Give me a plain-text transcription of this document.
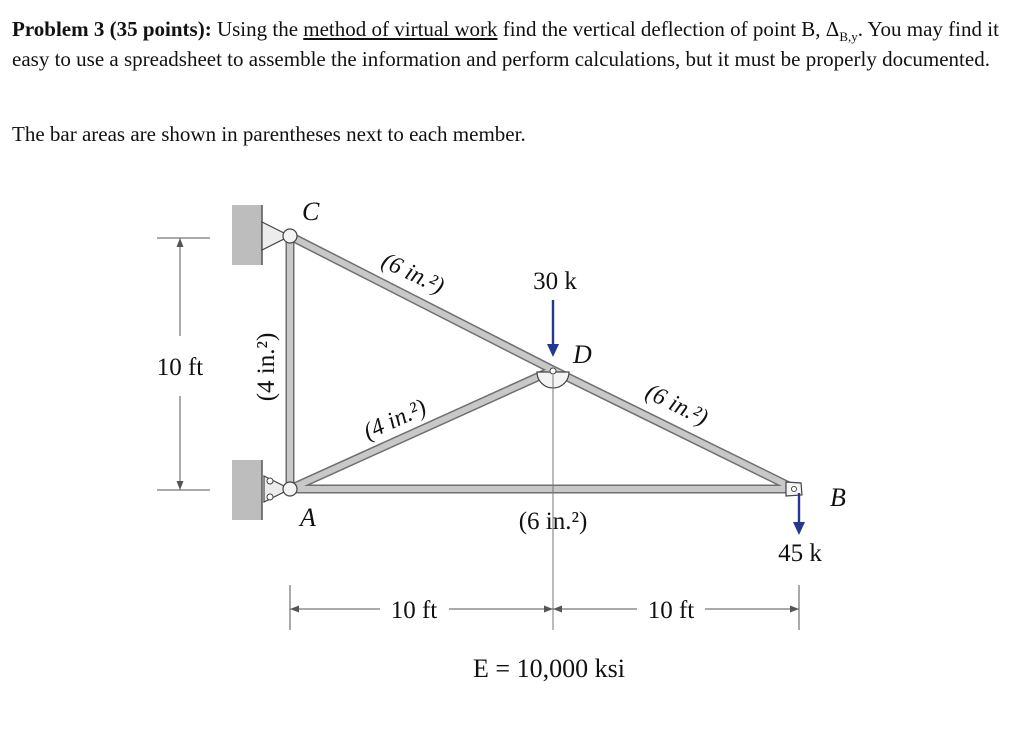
Problem 3 (35 points): Using the method of virtual work find the vertical deflection of point B, $\Delta_{B,y}$. You may find it easy to use a spreadsheet to assemble the information and perform calculations, but it must be properly documented.

The bar areas are shown in parentheses next to each member.

C
D
A
B
(6 in.²)
(4 in.²)	(6 in.²)
(6 in.²)
(4 in.²)
30 k
45 k
10 ft
10 ft	10 ft
E = 10,000 ksi
